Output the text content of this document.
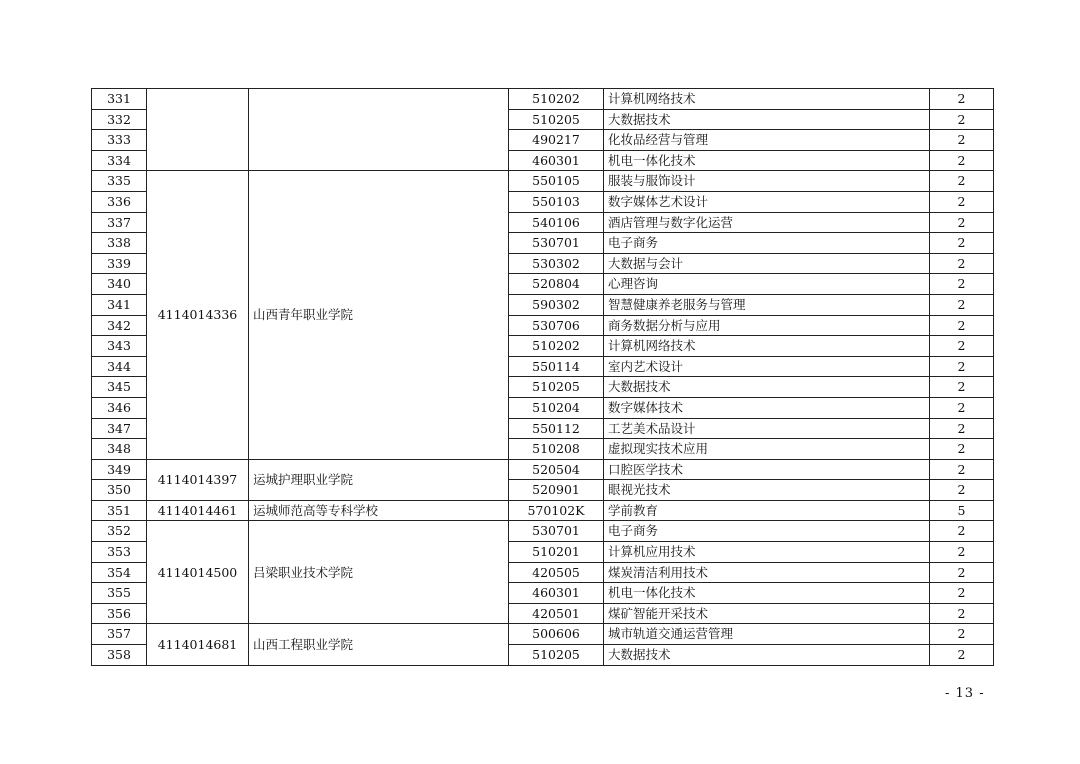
331			510202	计算机网络技术	2
332			510205	大数据技术	2
333			490217	化妆品经营与管理	2
334			460301	机电一体化技术	2
335	4114014336	山西青年职业学院	550105	服装与服饰设计	2
336			550103	数字媒体艺术设计	2
337			540106	酒店管理与数字化运营	2
338			530701	电子商务	2
339			530302	大数据与会计	2
340			520804	心理咨询	2
341			590302	智慧健康养老服务与管理	2
342			530706	商务数据分析与应用	2
343			510202	计算机网络技术	2
344			550114	室内艺术设计	2
345			510205	大数据技术	2
346			510204	数字媒体技术	2
347			550112	工艺美术品设计	2
348			510208	虚拟现实技术应用	2
349	4114014397	运城护理职业学院	520504	口腔医学技术	2
350			520901	眼视光技术	2
351	4114014461	运城师范高等专科学校	570102K	学前教育	5
352	4114014500	吕梁职业技术学院	530701	电子商务	2
353			510201	计算机应用技术	2
354			420505	煤炭清洁利用技术	2
355			460301	机电一体化技术	2
356			420501	煤矿智能开采技术	2
357	4114014681	山西工程职业学院	500606	城市轨道交通运营管理	2
358			510205	大数据技术	2
- 13 -
